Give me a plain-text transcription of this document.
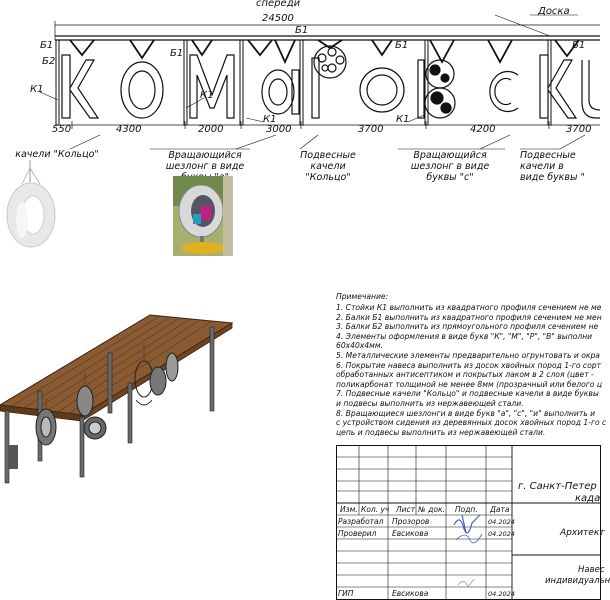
спереди
24500
Доска
Б1
Б1
Б1
Б2
Б1	Б1
К1
К1
К1	К1
550	4300	2000	3000	3700	4200	3700
качели "Кольцо"	Вращающийся
шезлонг в виде
Подвесные
качели
"Кольцо"
Вращающийся
шезлонг в виде
буквы "с"
Подвесные
качели в
виде буквы "
Примечание:
1. Стойки К1 выполнить из квадратного профиля сечением не ме
2. Балки Б1 выполнить из квадратного профиля сечением не мен
3. Балки Б2 выполнить из прямоугольного профиля сечением не
4. Элементы оформления в виде букв "К", "М", "Р", "В" выполни
60х40х4мм.
5. Металлические элементы предварительно огрунтовать и окра
6. Покрытие навеса выполнить из досок хвойных пород 1-го сорт
обработанных антисептиком и покрытых лаком в 2 слоя (цвет -
поликарбонат толщиной не менее 8мм (прозрачный или белого ц
7. Подвесные качели "Кольцо" и подвесные качели в виде буквы
и подвесы выполнить из нержавеющей стали.
8. Вращающиеся шезлонги в виде букв "а", "с", "и" выполнить и
с устройством сидения из деревянных досок хвойных пород 1-го с
цепь и подвесы выполнить из нержавеющей стали.
Изм. Кол. уч Лист № док. Подп. Дата
Разработал Прозоров	04.2024
Проверил Евсикова	04.2024
ГИП	Евсикова	04.2024
г. Санкт-Петер
када
Архитект
Навес
индивидуальн
